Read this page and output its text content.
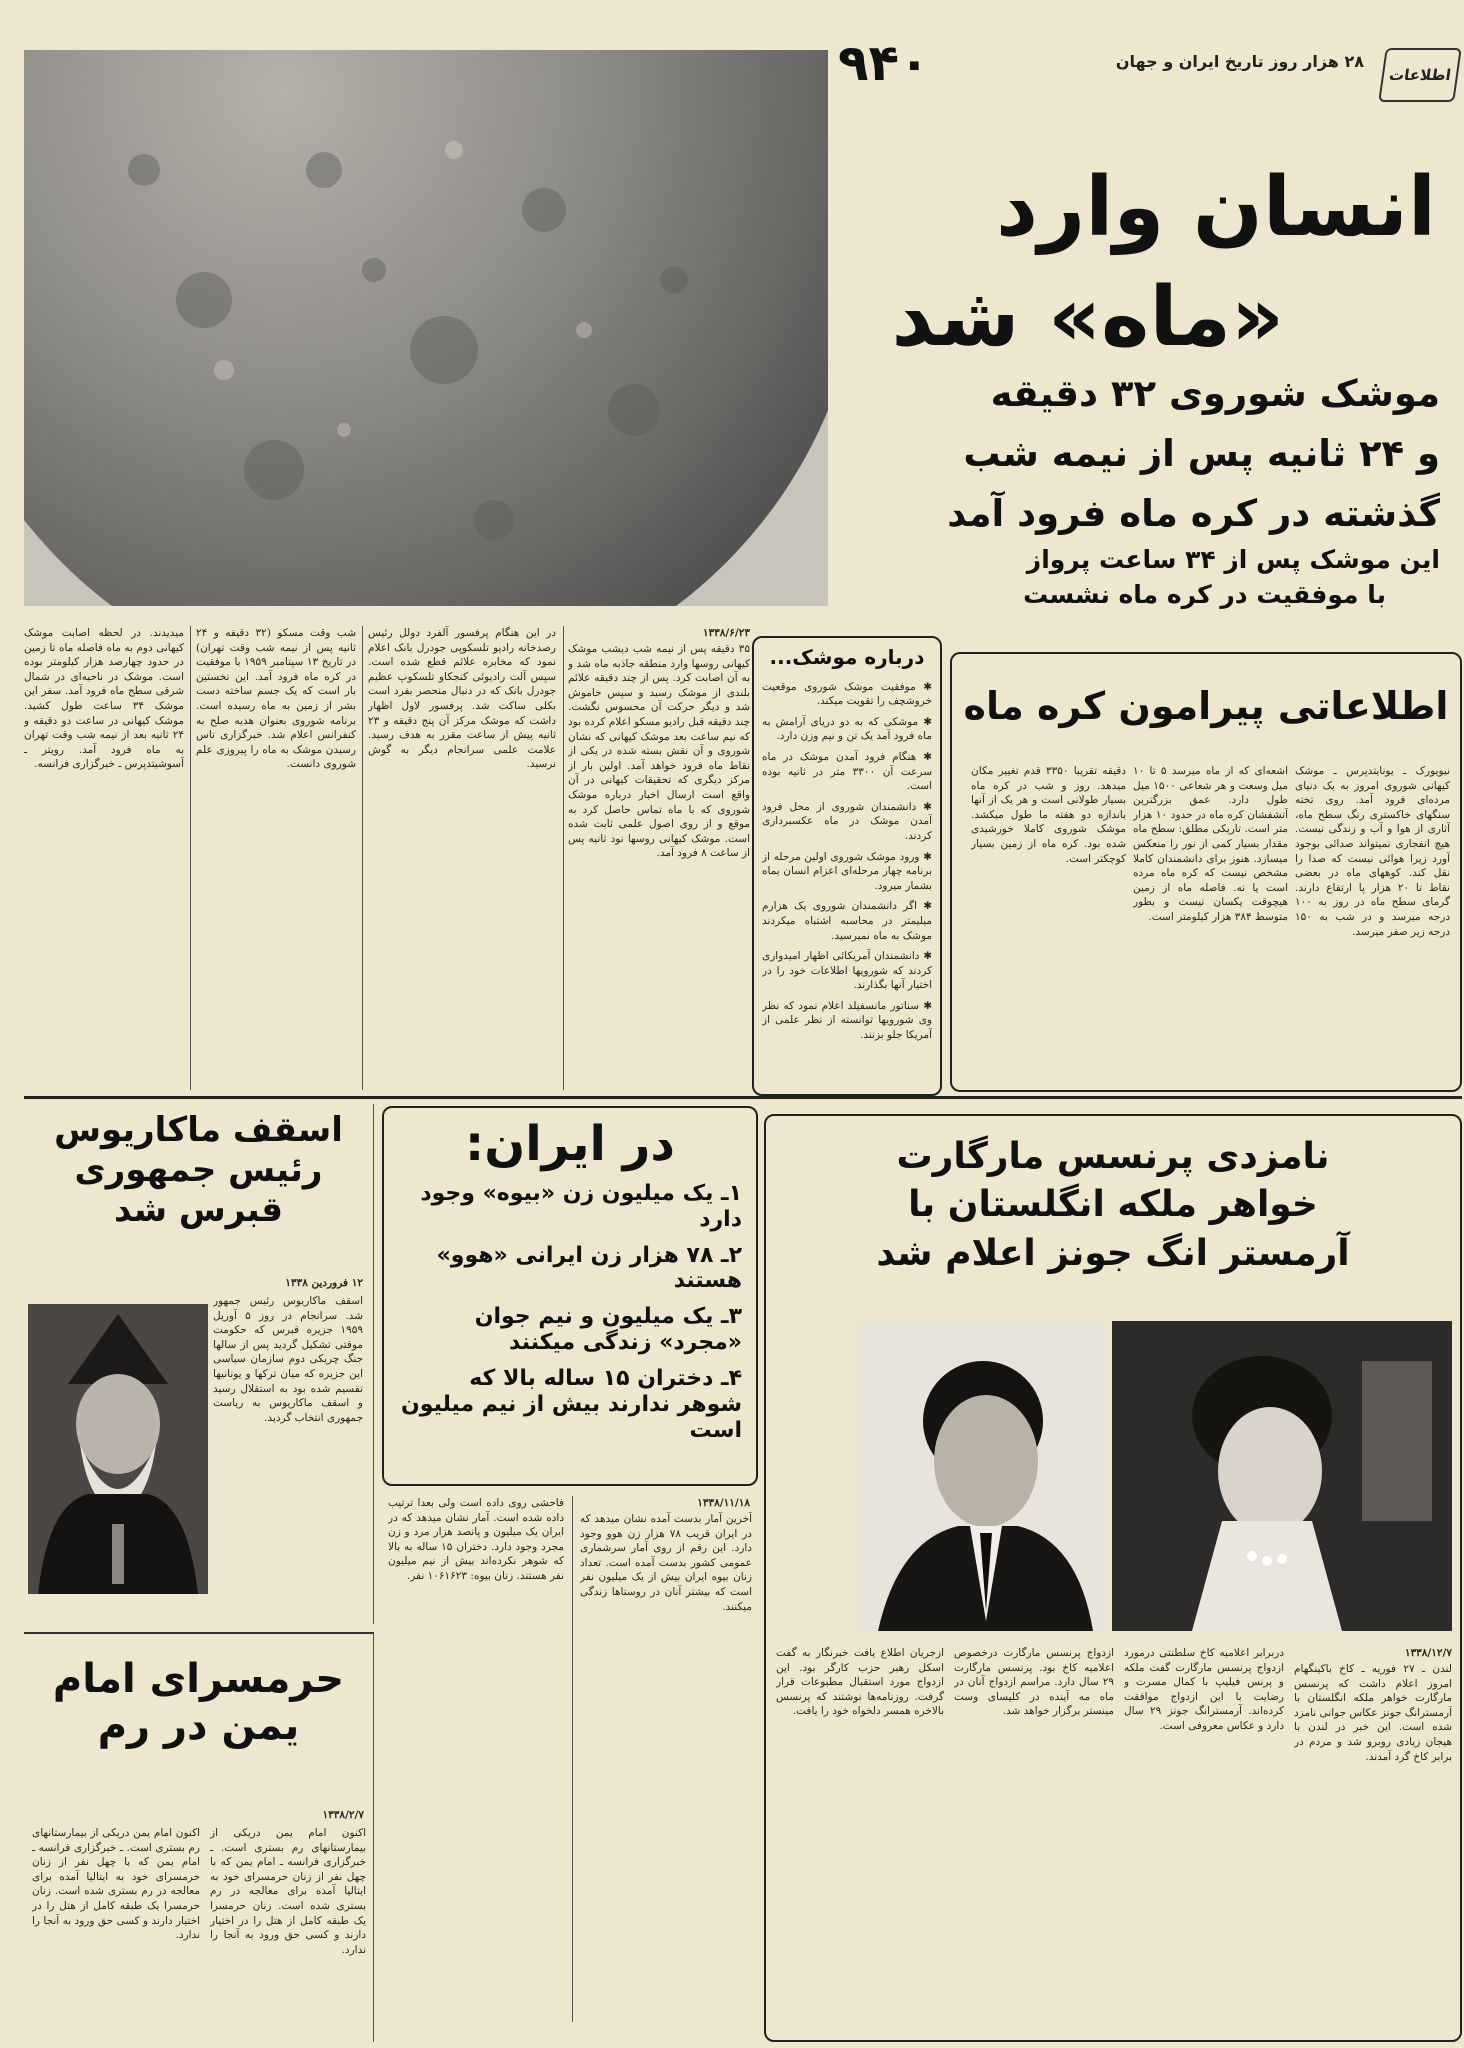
اطلاعات
۲۸ هزار روز تاریخ ایران و جهان
۹۴۰
انسان وارد
«ماه» شد
موشک شوروی ۳۲ دقیقه
و ۲۴ ثانیه پس از نیمه شب
گذشته در کره ماه فرود آمد
این موشک پس از ۳۴ ساعت پرواز
با موفقیت در کره ماه نشست
۱۳۳۸/۶/۲۳
۳۵ دقیقه پس از نیمه شب دیشب موشک کیهانی روسها وارد منطقه جاذبه ماه شد و به آن اصابت کرد. پس از چند دقیقه علائم بلندی از موشک رسید و سپس خاموش شد و دیگر حرکت آن محسوس نگشت. چند دقیقه قبل رادیو مسکو اعلام کرده بود که نیم ساعت بعد موشک کیهانی که نشان شوروی و آن نقش بسته شده در یکی از نقاط ماه فرود خواهد آمد. اولین بار از مرکز دیگری که تحقیقات کیهانی در آن واقع است ارسال اخبار درباره موشک شوروی که با ماه تماس حاصل کرد به موقع و از روی اصول علمی ثابت شده است. موشک کیهانی روسها نود ثانیه پس از ساعت ۸ فرود آمد.
در این هنگام پرفسور آلفرد دولل رئیس رصدخانه رادیو تلسکوپی جودرل بانک اعلام نمود که مخابره علائم قطع شده است. سپس آلت رادیوئی کنجکاو تلسکوپ عظیم جودرل بانک که در دنبال منحصر بفرد است بکلی ساکت شد. پرفسور لاول اظهار داشت که موشک مرکز آن پنج دقیقه و ۲۳ ثانیه پیش از ساعت مقرر به هدف رسید. علامت علمی سرانجام دیگر به گوش نرسید.
شب وقت مسکو (۳۲ دقیقه و ۲۴ ثانیه پس از نیمه شب وقت تهران) در تاریخ ۱۳ سپتامبر ۱۹۵۹ با موفقیت در کره ماه فرود آمد. این نخستین بار است که یک جسم ساخته دست بشر از زمین به ماه رسیده است. برنامه شوروی بعنوان هدیه صلح به کنفرانس اعلام شد. خبرگزاری تاس رسیدن موشک به ماه را پیروزی علم شوروی دانست.
میدیدند. در لحظه اصابت موشک کیهانی دوم به ماه فاصله ماه تا زمین در حدود چهارصد هزار کیلومتر بوده است. موشک در ناحیه‌ای در شمال شرقی سطح ماه فرود آمد. سفر این موشک ۳۴ ساعت طول کشید. موشک کیهانی در ساعت دو دقیقه و ۲۴ ثانیه بعد از نیمه شب وقت تهران به ماه فرود آمد. رویتر ـ آسوشیتدپرس ـ خبرگزاری فرانسه.
درباره موشک...
✱ موفقیت موشک شوروی موقعیت خروشچف را تقویت میکند.
✱ موشکی که به دو دریای آرامش به ماه فرود آمد یک تن و نیم وزن دارد.
✱ هنگام فرود آمدن موشک در ماه سرعت آن ۳۳۰۰ متر در ثانیه بوده است.
✱ دانشمندان شوروی از محل فرود آمدن موشک در ماه عکسبرداری کردند.
✱ ورود موشک شوروی اولین مرحله از برنامه چهار مرحله‌ای اعزام انسان بماه بشمار میرود.
✱ اگر دانشمندان شوروی یک هزارم میلیمتر در محاسبه اشتباه میکردند موشک به ماه نمیرسید.
✱ دانشمندان آمریکائی اظهار امیدواری کردند که شورویها اطلاعات خود را در اختیار آنها بگذارند.
✱ سناتور مانسفیلد اعلام نمود که نظر وی شورویها توانسته از نظر علمی از آمریکا جلو بزنند.
اطلاعاتی پیرامون کره ماه
نیویورک ـ یونایتدپرس ـ موشک کیهانی شوروی امروز به یک دنیای مرده‌ای فرود آمد. روی تخته سنگهای خاکستری رنگ سطح ماه، آثاری از هوا و آب و زندگی نیست. هیچ انفجاری نمیتواند صدائی بوجود آورد زیرا هوائی نیست که صدا را نقل کند. کوههای ماه در بعضی نقاط تا ۲۰ هزار پا ارتفاع دارند. گرمای سطح ماه در روز به ۱۰۰ درجه میرسد و در شب به ۱۵۰ درجه زیر صفر میرسد.
اشعه‌ای که از ماه میرسد ۵ تا ۱۰ میل وسعت و هر شعاعی ۱۵۰۰ میل طول دارد. عمق بزرگترین آتشفشان کره ماه در حدود ۱۰ هزار متر است. تاریکی مطلق: سطح ماه مقدار بسیار کمی از نور را منعکس میسازد. هنوز برای دانشمندان کاملا مشخص نیست که کره ماه مرده است یا نه. فاصله ماه از زمین هیچوقت یکسان نیست و بطور متوسط ۳۸۴ هزار کیلومتر است.
دقیقه تقریبا ۳۳۵۰ قدم تغییر مکان میدهد. روز و شب در کره ماه بسیار طولانی است و هر یک از آنها باندازه دو هفته ما طول میکشد. موشک شوروی کاملا خورشیدی شده بود. کره ماه از زمین بسیار کوچکتر است.
اسقف ماکاریوس رئیس جمهوری قبرس شد
۱۲ فروردین ۱۳۳۸
اسقف ماکاریوس رئیس جمهور شد. سرانجام در روز ۵ آوریل ۱۹۵۹ جزیره قبرس که حکومت موقتی تشکیل گردید پس از سالها جنگ چریکی دوم سازمان سیاسی این جزیره که میان ترکها و یونانیها تقسیم شده بود به استقلال رسید و اسقف ماکاریوس به ریاست جمهوری انتخاب گردید.
حرمسرای امام یمن در رم
۱۳۳۸/۲/۷
اکنون امام یمن دریکی از بیمارستانهای رم بستری است. ـ خبرگزاری فرانسه ـ امام یمن که با چهل نفر از زنان حرمسرای خود به ایتالیا آمده برای معالجه در رم بستری شده است. زنان حرمسرا یک طبقه کامل از هتل را در اختیار دارند و کسی حق ورود به آنجا را ندارد.
اکنون امام یمن دریکی از بیمارستانهای رم بستری است. ـ خبرگزاری فرانسه ـ امام یمن که با چهل نفر از زنان حرمسرای خود به ایتالیا آمده برای معالجه در رم بستری شده است. زنان حرمسرا یک طبقه کامل از هتل را در اختیار دارند و کسی حق ورود به آنجا را ندارد.
در ایران:
۱ـ یک میلیون زن «بیوه» وجود دارد
۲ـ ۷۸ هزار زن ایرانی «هوو» هستند
۳ـ یک میلیون و نیم جوان «مجرد» زندگی میکنند
۴ـ دختران ۱۵ ساله بالا که شوهر ندارند بیش از نیم میلیون است
۱۳۳۸/۱۱/۱۸
آخرین آمار بدست آمده نشان میدهد که در ایران قریب ۷۸ هزار زن هوو وجود دارد. این رقم از روی آمار سرشماری عمومی کشور بدست آمده است. تعداد زنان بیوه ایران بیش از یک میلیون نفر است که بیشتر آنان در روستاها زندگی میکنند.
فاحشی روی داده است ولی بعدا ترتیب داده شده است. آمار نشان میدهد که در ایران یک میلیون و پانصد هزار مرد و زن مجرد وجود دارد. دختران ۱۵ ساله به بالا که شوهر نکرده‌اند بیش از نیم میلیون نفر هستند. زنان بیوه: ۱۰۶۱۶۲۳ نفر.
نامزدی پرنسس مارگارت
خواهر ملکه انگلستان با
آرمستر انگ جونز اعلام شد
۱۳۳۸/۱۲/۷
لندن ـ ۲۷ فوریه ـ کاخ باکینگهام امروز اعلام داشت که پرنسس مارگارت خواهر ملکه انگلستان با آرمسترانگ جونز عکاس جوانی نامزد شده است. این خبر در لندن با هیجان زیادی روبرو شد و مردم در برابر کاخ گرد آمدند.
دربرابر اعلامیه کاخ سلطنتی درمورد ازدواج پرنسس مارگارت گفت ملکه و پرنس فیلیپ با کمال مسرت و رضایت با این ازدواج موافقت کرده‌اند. آرمسترانگ جونز ۲۹ سال دارد و عکاس معروفی است.
ازدواج پرنسس مارگارت درخصوص اعلامیه کاخ بود. پرنسس مارگارت ۲۹ سال دارد. مراسم ازدواج آنان در ماه مه آینده در کلیسای وست مینستر برگزار خواهد شد.
ازجریان اطلاع یافت خبرنگار به گفت اسکل رهبر حزب کارگر بود. این ازدواج مورد استقبال مطبوعات قرار گرفت. روزنامه‌ها نوشتند که پرنسس بالاخره همسر دلخواه خود را یافت.
